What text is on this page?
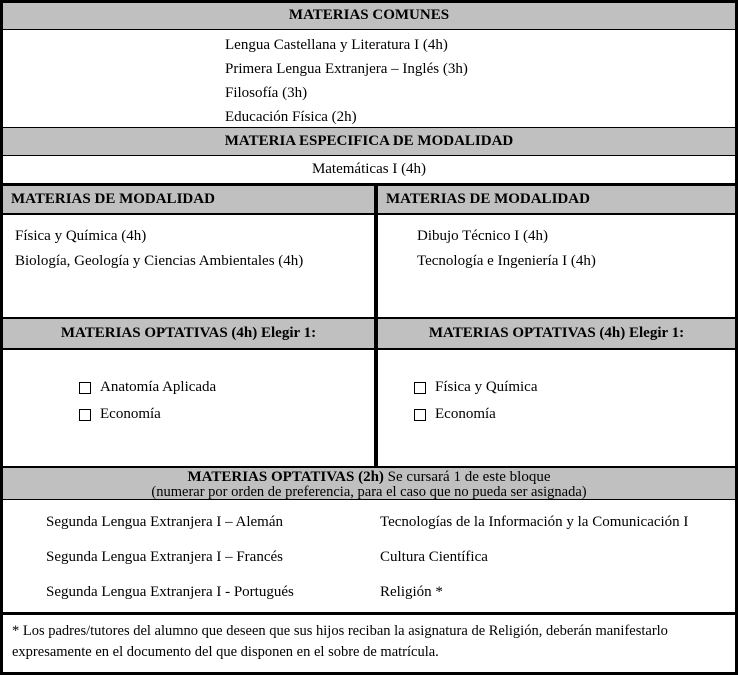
MATERIAS COMUNES
Lengua Castellana y Literatura I (4h)
Primera Lengua Extranjera – Inglés (3h)
Filosofía (3h)
Educación Física (2h)
MATERIA ESPECIFICA DE MODALIDAD
Matemáticas I (4h)
MATERIAS DE MODALIDAD
Física y Química (4h)
Biología, Geología y Ciencias Ambientales (4h)
MATERIAS OPTATIVAS (4h) Elegir 1:
Anatomía Aplicada
Economía
MATERIAS DE MODALIDAD
Dibujo Técnico I (4h)
Tecnología e Ingeniería I (4h)
MATERIAS OPTATIVAS (4h) Elegir 1:
Física y Química
Economía
MATERIAS OPTATIVAS (2h) Se cursará 1 de este bloque
(numerar por orden de preferencia, para el caso que no pueda ser asignada)
Segunda Lengua Extranjera I – Alemán	Tecnologías de la Información y la Comunicación I
Segunda Lengua Extranjera I – Francés	Cultura Científica
Segunda Lengua Extranjera I - Portugués	Religión *
* Los padres/tutores del alumno que deseen que sus hijos reciban la asignatura de Religión, deberán manifestarlo expresamente en el documento del que disponen en el sobre de matrícula.
